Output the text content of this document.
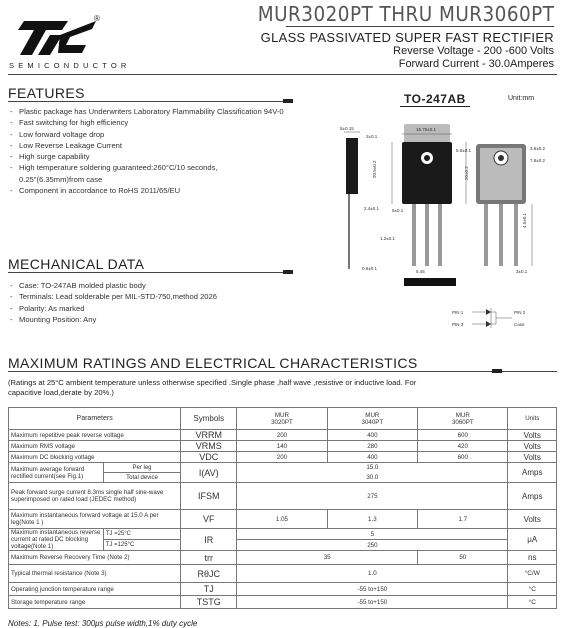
®
SEMICONDUCTOR
MUR3020PT THRU MUR3060PT
GLASS PASSIVATED SUPER FAST RECTIFIER
Reverse Voltage - 200 -600 Volts
Forward Current - 30.0Amperes
FEATURES
- Plastic package has Underwriters Laboratory Flammability Classification 94V-0
- Fast switching for high efficiency
- Low forward voltage drop
- Low Reverse Leakage Current
- High surge capability
- High temperature soldering guaranteed:260°C/10 seconds,
0.25"(6.35mm)from case
- Component in accordance to RoHS 2011/65/EU
TO-247AB	Unit:mm
5±0.15
2±0.1
15.75±0.1
5.5±0.1
20.5±0.2
2.4±0.1
20±0.2
1.2±0.1
5±0.1
0.6±0.1
5.45	3±0.1
4.5±0.1
3.6±0.2
7.8±0.2
PIN 1
PIN 3
PIN 2
Case
MECHANICAL DATA
- Case: TO-247AB molded plastic body
- Terminals: Lead solderable per MIL-STD-750,method 2026
- Polarity: As marked
- Mounting Position: Any
MAXIMUM RATINGS AND ELECTRICAL CHARACTERISTICS
(Ratings at 25°C ambient temperature unless otherwise specified .Single phase ,half wave ,resistive or inductive load. For capacitive load,derate by 20%.)
Parameters		Symbols	MUR
3020PT	MUR
3040PT	MUR
3060PT	Units
Maximum repetitive peak reverse voltage		VRRM	200	400	600	Volts
Maximum RMS voltage		VRMS	140	280	420	Volts
Maximum DC blocking voltage		VDC	200	400	600	Volts
Maximum average forward rectified current(see Fig.1)	Per leg	I(AV)	15.0			Amps
	Total device		30.0			
Peak forward surge current 8.3ms single half sine-wave superimposed on rated load (JEDEC method)		IFSM	275			Amps
Maximum instantaneous forward voltage at 15.0 A per leg(Note 1 )		VF	1.05	1.3	1.7	Volts
Maximum instantaneous reverse current at rated DC blocking voltage(Note 1)	TJ =25°C	IR	5			μA
	TJ =125°C		250			
Maximum Reverse Recovery Time (Note 2)		trr	35		50	ns
Typical thermal resistance (Note 3)		RθJC	1.0			°C/W
Operating junction temperature range		TJ	-55 to+150			°C
Storage temperature range		TSTG	-55 to+150			°C
Notes: 1. Pulse test: 300μs pulse width,1% duty cycle
